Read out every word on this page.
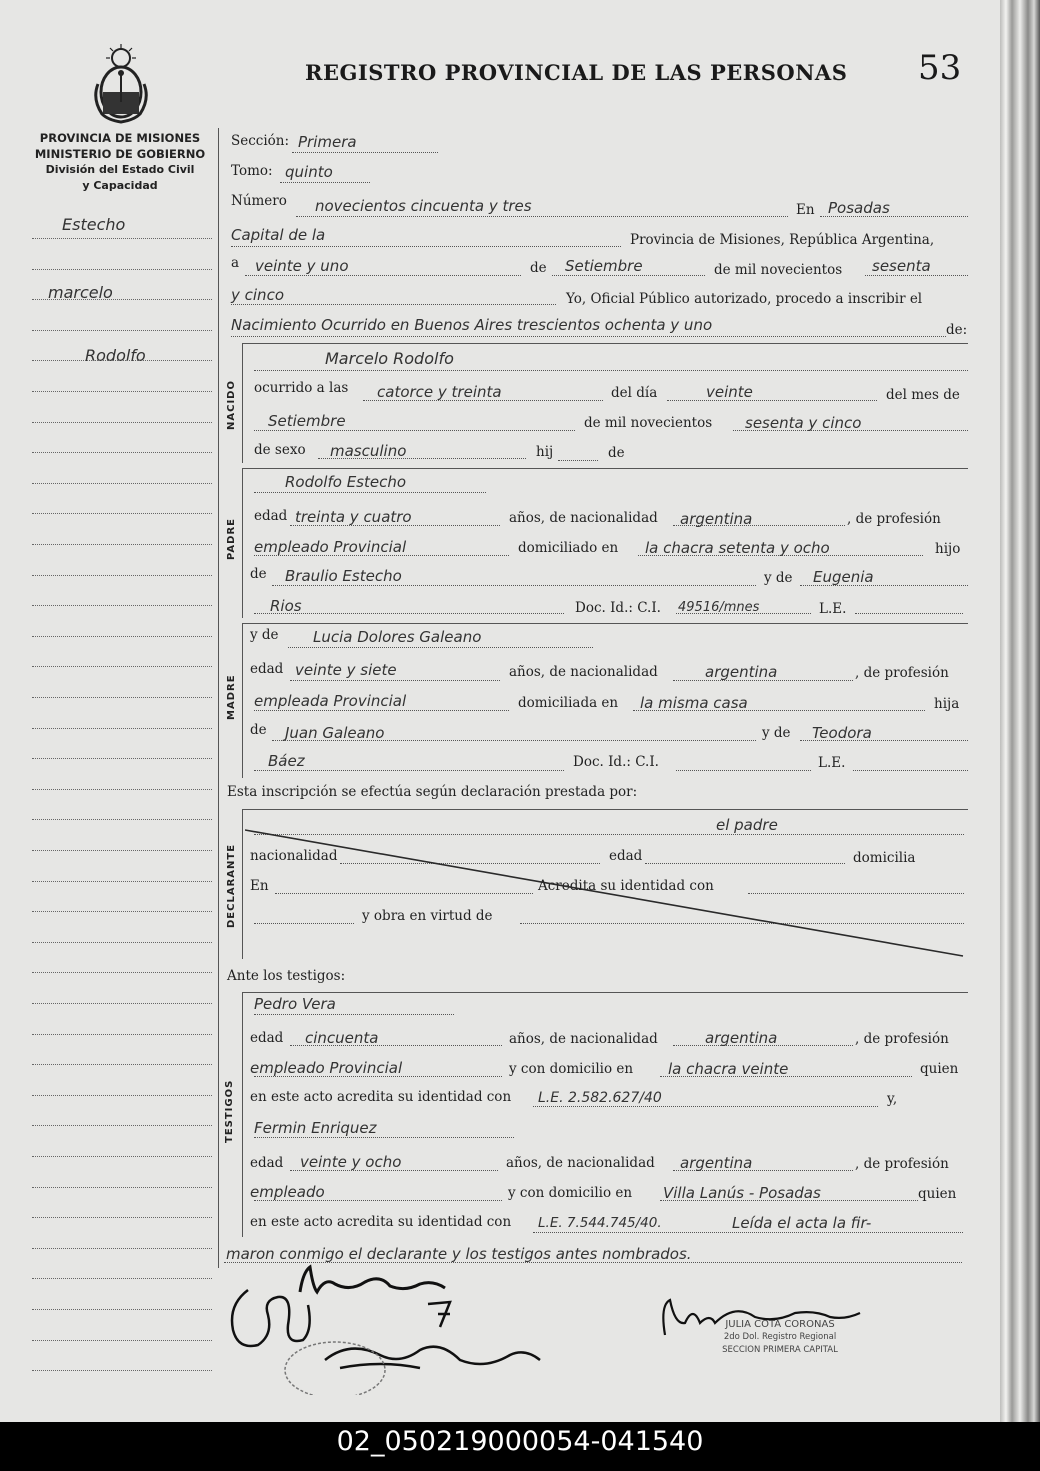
PROVINCIA DE MISIONES
MINISTERIO DE GOBIERNO
División del Estado Civil
y Capacidad
REGISTRO PROVINCIAL DE LAS PERSONAS 53
Estecho
marcelo
Rodolfo
Sección: Primera
Tomo: quinto
Número novecientos cincuenta y tres	En Posadas
Capital de la	Provincia de Misiones, República Argentina,
a veinte y uno	de Setiembre	de mil novecientos sesenta
y cinco	Yo, Oficial Público autorizado, procedo a inscribir el
Nacimiento Ocurrido en Buenos Aires trescientos ochenta y uno	de:
NACIDO
Marcelo Rodolfo
ocurrido a las catorce y treinta	del día	veinte	del mes de
Setiembre	de mil novecientos sesenta y cinco
de sexo masculino	hij	de
PADRE
Rodolfo Estecho
edad treinta y cuatro	años, de nacionalidad argentina	, de profesión
empleado Provincial	domiciliado en la chacra setenta y ocho	hijo
de Braulio Estecho	y de Eugenia
Rios	Doc. Id.: C.I. 49516/mnes	L.E.
MADRE
y de Lucia Dolores Galeano
edad veinte y siete	años, de nacionalidad	argentina	, de profesión
empleada Provincial	domiciliada en la misma casa	hija
de Juan Galeano	y de Teodora
Báez	Doc. Id.: C.I.	L.E.
Esta inscripción se efectúa según declaración prestada por:
DECLARANTE
el padre
nacionalidad	edad	domicilia
En	Acredita su identidad con
y obra en virtud de
Ante los testigos:
TESTIGOS
Pedro Vera
edad cincuenta	años, de nacionalidad	argentina	, de profesión
empleado Provincial	y con domicilio en la chacra veinte	quien
en este acto acredita su identidad con L.E. 2.582.627/40	y,
Fermin Enriquez
edad veinte y ocho	años, de nacionalidad argentina	, de profesión
empleado	y con domicilio en Villa Lanús - Posadas	quien
en este acto acredita su identidad con L.E. 7.544.745/40.	Leída el acta la fir-
maron conmigo el declarante y los testigos antes nombrados.
JULIA COTA CORONAS
2do Dol. Registro Regional
SECCION PRIMERA CAPITAL
02_050219000054-041540
